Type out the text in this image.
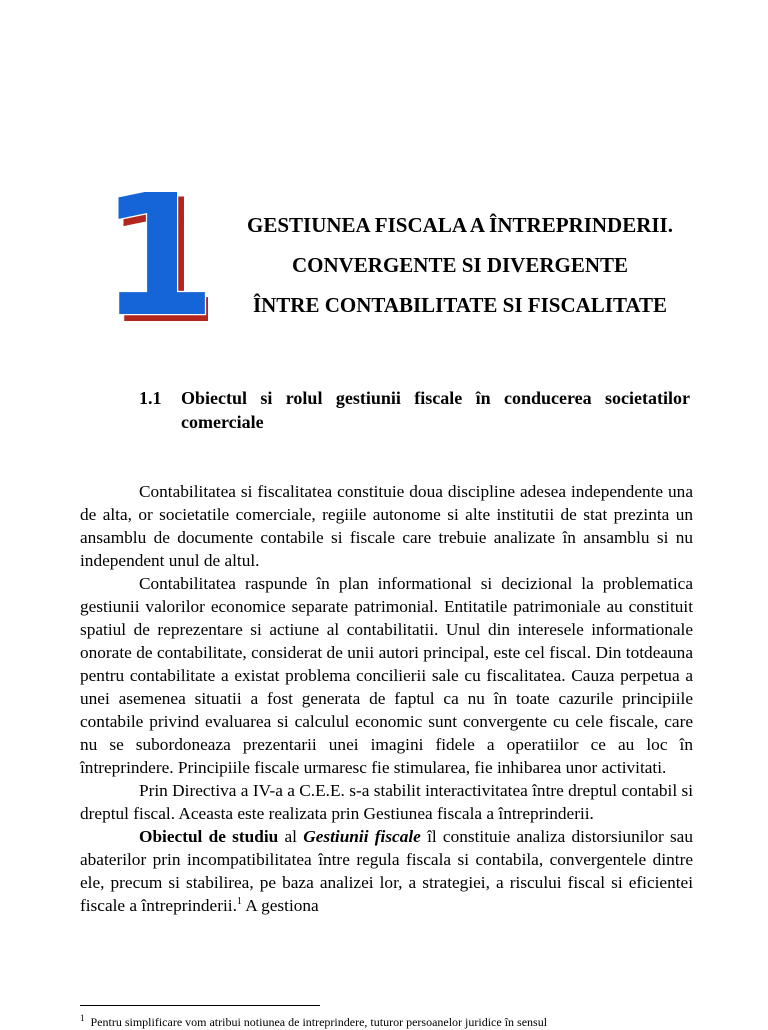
1
1	GESTIUNEA FISCALA A ÎNTREPRINDERII.
CONVERGENTE SI DIVERGENTE
ÎNTRE CONTABILITATE SI FISCALITATE
1.1 Obiectul si rolul gestiunii fiscale în conducerea societatilor comerciale

Contabilitatea si fiscalitatea constituie doua discipline adesea independente una de alta, or societatile comerciale, regiile autonome si alte institutii de stat prezinta un ansamblu de documente contabile si fiscale care trebuie analizate în ansamblu si nu independent unul de altul.

Contabilitatea raspunde în plan informational si decizional la problematica gestiunii valorilor economice separate patrimonial. Entitatile patrimoniale au constituit spatiul de reprezentare si actiune al contabilitatii. Unul din interesele informationale onorate de contabilitate, considerat de unii autori principal, este cel fiscal. Din totdeauna pentru contabilitate a existat problema concilierii sale cu fiscalitatea. Cauza perpetua a unei asemenea situatii a fost generata de faptul ca nu în toate cazurile principiile contabile privind evaluarea si calculul economic sunt convergente cu cele fiscale, care nu se subordoneaza prezentarii unei imagini fidele a operatiilor ce au loc în întreprindere. Principiile fiscale urmaresc fie stimularea, fie inhibarea unor activitati.

Prin Directiva a IV-a a C.E.E. s-a stabilit interactivitatea între dreptul contabil si dreptul fiscal. Aceasta este realizata prin Gestiunea fiscala a întreprinderii.

Obiectul de studiu al Gestiunii fiscale îl constituie analiza distorsiunilor sau abaterilor prin incompatibilitatea între regula fiscala si contabila, convergentele dintre ele, precum si stabilirea, pe baza analizei lor, a strategiei, a riscului fiscal si eficientei fiscale a întreprinderii.$^1$ A gestiona

$^1$ Pentru simplificare vom atribui notiunea de intreprindere, tuturor persoanelor juridice în sensul
